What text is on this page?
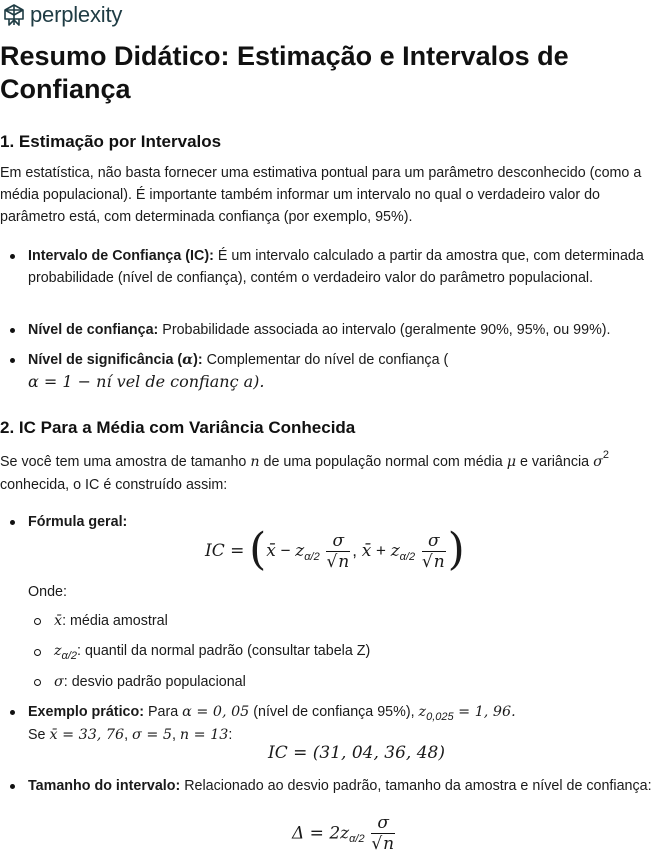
perplexity
Resumo Didático: Estimação e Intervalos de Confiança
1. Estimação por Intervalos

Em estatística, não basta fornecer uma estimativa pontual para um parâmetro desconhecido (como a média populacional). É importante também informar um intervalo no qual o verdadeiro valor do parâmetro está, com determinada confiança (por exemplo, 95%).

Intervalo de Confiança (IC): É um intervalo calculado a partir da amostra que, com determinada probabilidade (nível de confiança), contém o verdadeiro valor do parâmetro populacional.
Nível de confiança: Probabilidade associada ao intervalo (geralmente 90%, 95%, ou 99%).
Nível de significância (α): Complementar do nível de confiança (
α = 1 − ní vel de confianç a).
2. IC Para a Média com Variância Conhecida

Se você tem uma amostra de tamanho n de uma população normal com média μ e variância $\sigma^2$
conhecida, o IC é construído assim:

Fórmula geral:
IC = (x̄ − $z_{\alpha/2} \frac{\sigma}{√n}$ , x̄ + $z_{\alpha/2} \frac{\sigma}{√n}$ )
Onde:
x̄: média amostral
$z_{\alpha/2}$: quantil da normal padrão (consultar tabela Z)
σ: desvio padrão populacional
Exemplo prático: Para α = 0, 05 (nível de confiança 95%), $z_{0,025} = 1$, 96.
Se x̄ = 33, 76, σ = 5, n = 13:
IC = (31, 04, 36, 48)
Tamanho do intervalo: Relacionado ao desvio padrão, tamanho da amostra e nível de confiança:
$\Delta = 2z_{\alpha/2} \frac{\sigma}{√n}$
